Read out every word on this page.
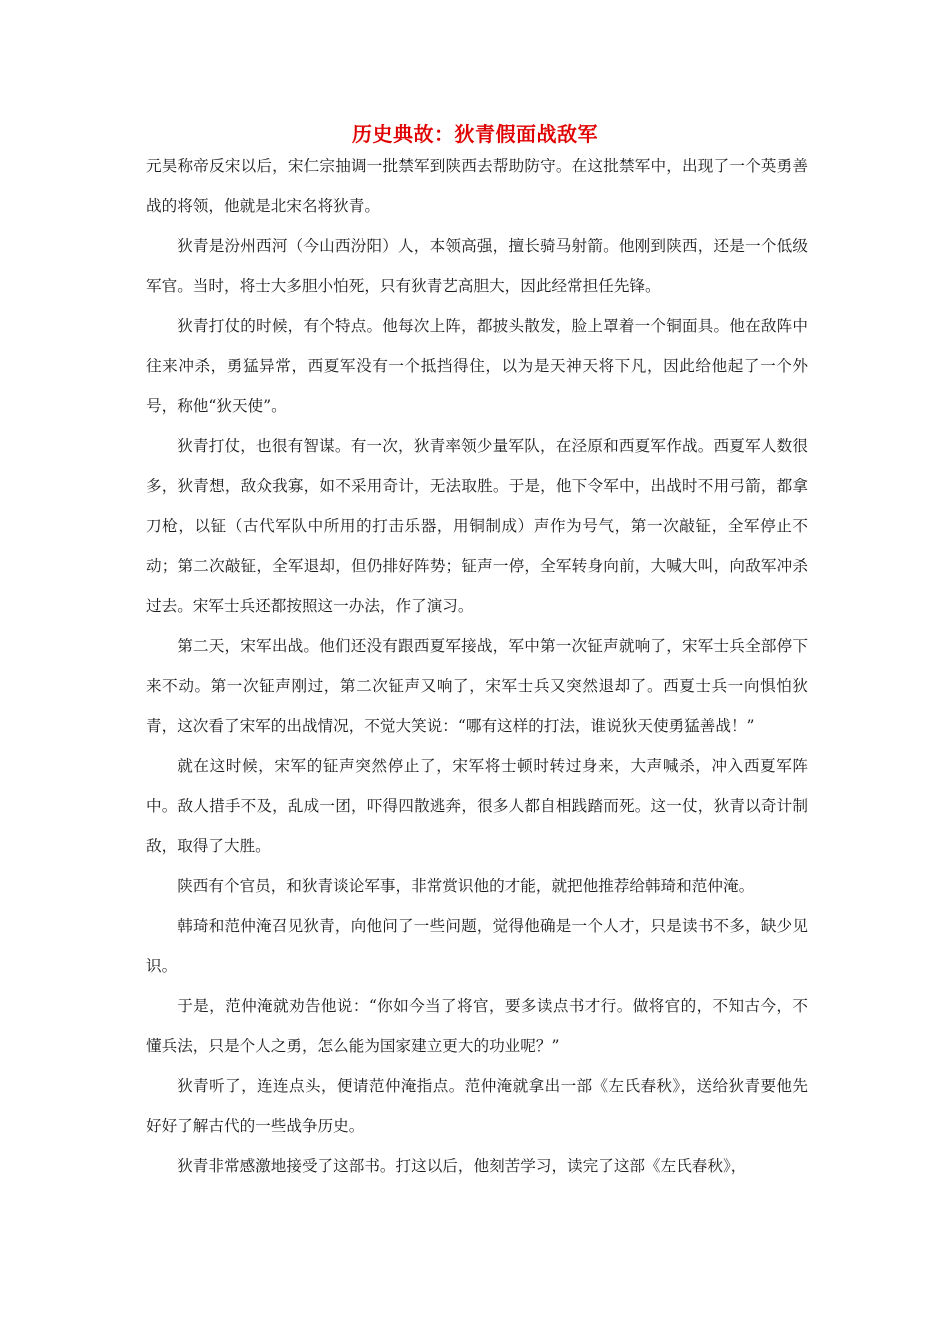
历史典故：狄青假面战敌军

元昊称帝反宋以后，宋仁宗抽调一批禁军到陕西去帮助防守。在这批禁军中，出现了一个英勇善战的将领，他就是北宋名将狄青。

狄青是汾州西河（今山西汾阳）人，本领高强，擅长骑马射箭。他刚到陕西，还是一个低级军官。当时，将士大多胆小怕死，只有狄青艺高胆大，因此经常担任先锋。

狄青打仗的时候，有个特点。他每次上阵，都披头散发，脸上罩着一个铜面具。他在敌阵中往来冲杀，勇猛异常，西夏军没有一个抵挡得住，以为是天神天将下凡，因此给他起了一个外号，称他“狄天使”。

狄青打仗，也很有智谋。有一次，狄青率领少量军队，在泾原和西夏军作战。西夏军人数很多，狄青想，敌众我寡，如不采用奇计，无法取胜。于是，他下令军中，出战时不用弓箭，都拿刀枪，以钲（古代军队中所用的打击乐器，用铜制成）声作为号气，第一次敲钲，全军停止不动；第二次敲钲，全军退却，但仍排好阵势；钲声一停，全军转身向前，大喊大叫，向敌军冲杀过去。宋军士兵还都按照这一办法，作了演习。

第二天，宋军出战。他们还没有跟西夏军接战，军中第一次钲声就响了，宋军士兵全部停下来不动。第一次钲声刚过，第二次钲声又响了，宋军士兵又突然退却了。西夏士兵一向惧怕狄青，这次看了宋军的出战情况，不觉大笑说：“哪有这样的打法，谁说狄天使勇猛善战！”

就在这时候，宋军的钲声突然停止了，宋军将士顿时转过身来，大声喊杀，冲入西夏军阵中。敌人措手不及，乱成一团，吓得四散逃奔，很多人都自相践踏而死。这一仗，狄青以奇计制敌，取得了大胜。

陕西有个官员，和狄青谈论军事，非常赏识他的才能，就把他推荐给韩琦和范仲淹。

韩琦和范仲淹召见狄青，向他问了一些问题，觉得他确是一个人才，只是读书不多，缺少见识。

于是，范仲淹就劝告他说：“你如今当了将官，要多读点书才行。做将官的，不知古今，不懂兵法，只是个人之勇，怎么能为国家建立更大的功业呢？”

狄青听了，连连点头，便请范仲淹指点。范仲淹就拿出一部《左氏春秋》，送给狄青要他先好好了解古代的一些战争历史。

狄青非常感激地接受了这部书。打这以后，他刻苦学习，读完了这部《左氏春秋》，
